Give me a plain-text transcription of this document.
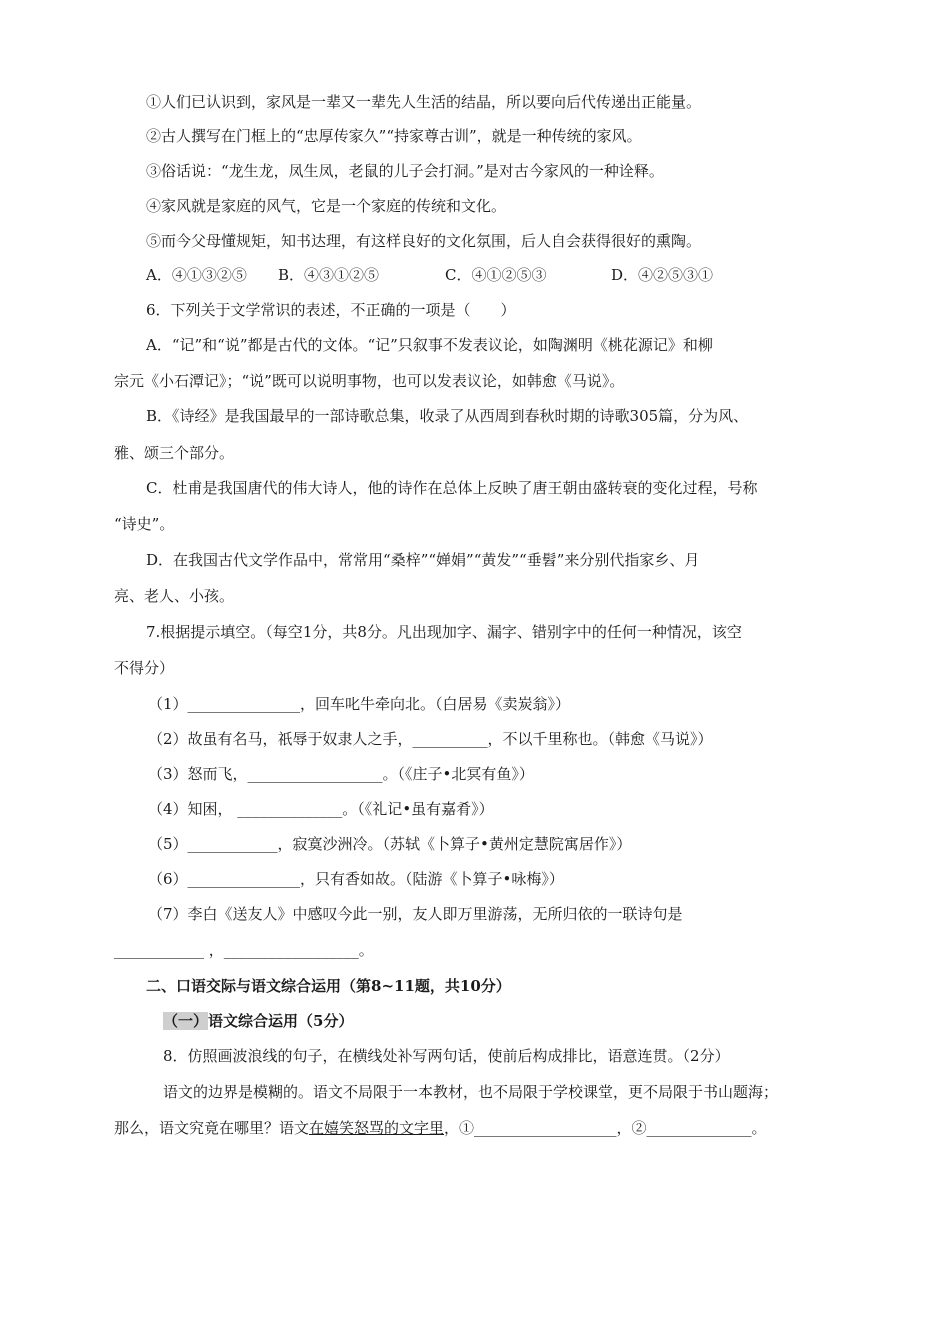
①人们已认识到，家风是一辈又一辈先人生活的结晶，所以要向后代传递出正能量。
②古人撰写在门框上的“忠厚传家久”“持家尊古训”，就是一种传统的家风。
③俗话说：“龙生龙，凤生凤，老鼠的儿子会打洞。”是对古今家风的一种诠释。
④家风就是家庭的风气，它是一个家庭的传统和文化。
⑤而今父母懂规矩，知书达理，有这样良好的文化氛围，后人自会获得很好的熏陶。
A．④①③②⑤ B．④③①②⑤	C．④①②⑤③	D．④②⑤③①
6．下列关于文学常识的表述，不正确的一项是（　　）
A．“记”和“说”都是古代的文体。“记”只叙事不发表议论，如陶渊明《桃花源记》和柳
宗元《小石潭记》；“说”既可以说明事物，也可以发表议论，如韩愈《马说》。
B．《诗经》是我国最早的一部诗歌总集，收录了从西周到春秋时期的诗歌305篇，分为风、
雅、颂三个部分。
C．杜甫是我国唐代的伟大诗人，他的诗作在总体上反映了唐王朝由盛转衰的变化过程，号称
“诗史”。
D．在我国古代文学作品中，常常用“桑梓”“婵娟”“黄发”“垂髫”来分别代指家乡、月
亮、老人、小孩。
7.根据提示填空。（每空1分，共8分。凡出现加字、漏字、错别字中的任何一种情况，该空
不得分）
（1）_______________，回车叱牛牵向北。（白居易《卖炭翁》）
（2）故虽有名马，祇辱于奴隶人之手，__________，不以千里称也。（韩愈《马说》）
（3）怒而飞，__________________。（《庄子•北冥有鱼》）
（4）知困， ______________。（《礼记•虽有嘉肴》）
（5）____________，寂寞沙洲冷。（苏轼《卜算子•黄州定慧院寓居作》）
（6）_______________，只有香如故。（陆游《卜算子•咏梅》）
（7）李白《送友人》中感叹今此一别，友人即万里游荡，无所归依的一联诗句是
____________ ，__________________。
二、口语交际与语文综合运用（第8~11题，共10分）
（一）语文综合运用（5分）
8．仿照画波浪线的句子，在横线处补写两句话，使前后构成排比，语意连贯。（2分）
语文的边界是模糊的。语文不局限于一本教材，也不局限于学校课堂，更不局限于书山题海；
那么，语文究竟在哪里？语文在嬉笑怒骂的文字里，①___________________，②______________。
